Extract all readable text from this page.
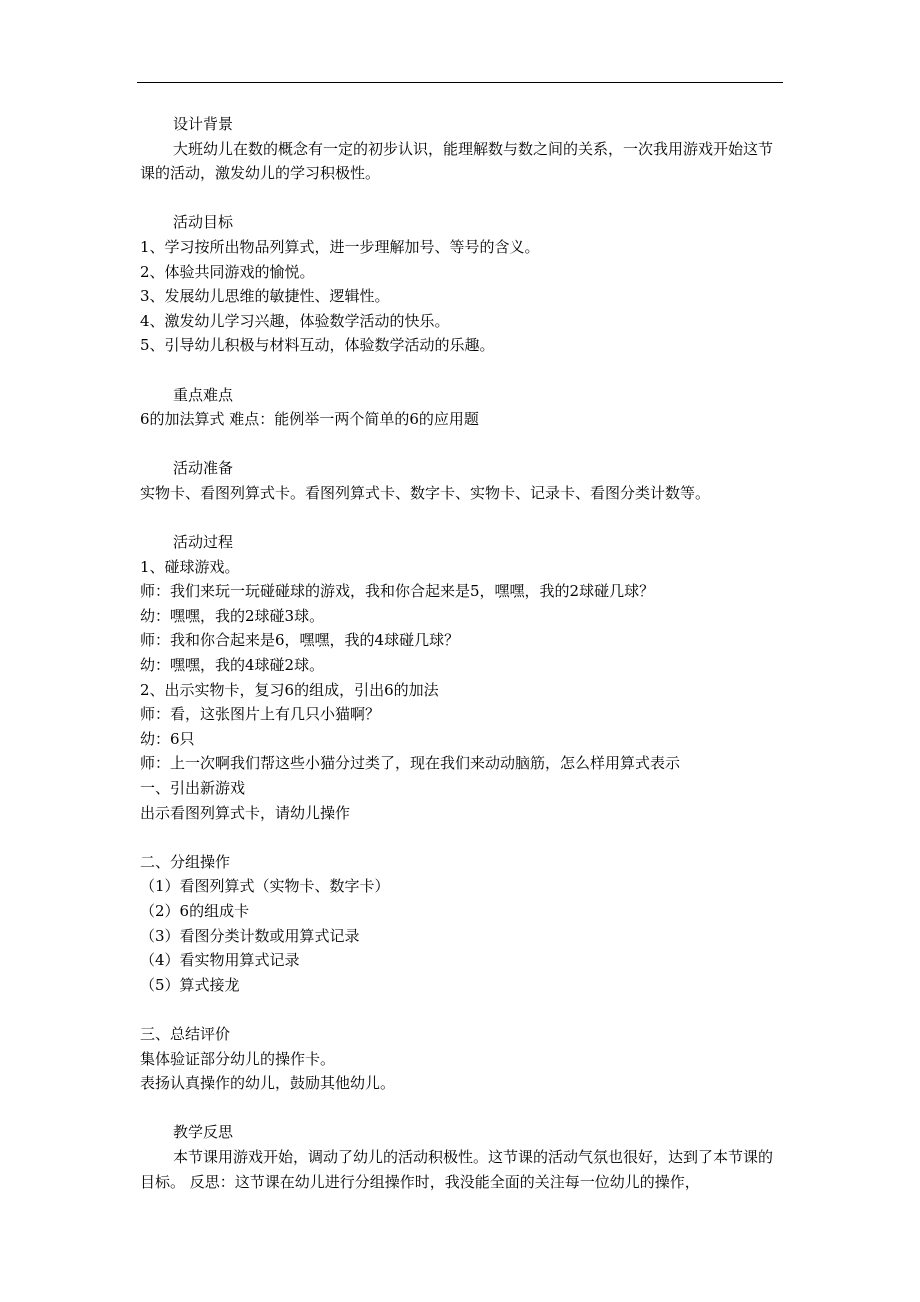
设计背景
大班幼儿在数的概念有一定的初步认识，能理解数与数之间的关系，一次我用游戏开始这节课的活动，激发幼儿的学习积极性。
活动目标
1、学习按所出物品列算式，进一步理解加号、等号的含义。
2、体验共同游戏的愉悦。
3、发展幼儿思维的敏捷性、逻辑性。
4、激发幼儿学习兴趣，体验数学活动的快乐。
5、引导幼儿积极与材料互动，体验数学活动的乐趣。
重点难点
6的加法算式 难点：能例举一两个简单的6的应用题
活动准备
实物卡、看图列算式卡。看图列算式卡、数字卡、实物卡、记录卡、看图分类计数等。
活动过程
1、碰球游戏。
师：我们来玩一玩碰碰球的游戏，我和你合起来是5，嘿嘿，我的2球碰几球？
幼：嘿嘿，我的2球碰3球。
师：我和你合起来是6，嘿嘿，我的4球碰几球？
幼：嘿嘿，我的4球碰2球。
2、出示实物卡，复习6的组成，引出6的加法
师：看，这张图片上有几只小猫啊？
幼：6只
师：上一次啊我们帮这些小猫分过类了，现在我们来动动脑筋，怎么样用算式表示
一、引出新游戏
出示看图列算式卡，请幼儿操作
二、分组操作
（1）看图列算式（实物卡、数字卡）
（2）6的组成卡
（3）看图分类计数或用算式记录
（4）看实物用算式记录
（5）算式接龙
三、总结评价
集体验证部分幼儿的操作卡。
表扬认真操作的幼儿，鼓励其他幼儿。
教学反思
本节课用游戏开始，调动了幼儿的活动积极性。这节课的活动气氛也很好，达到了本节课的目标。 反思：这节课在幼儿进行分组操作时，我没能全面的关注每一位幼儿的操作，
